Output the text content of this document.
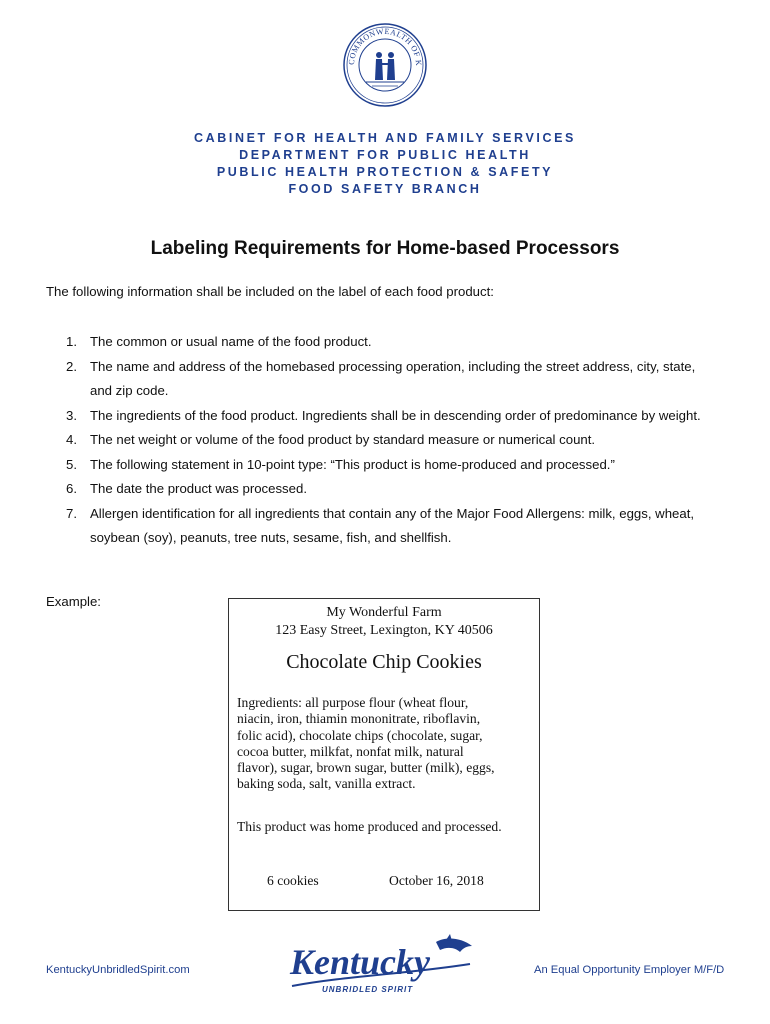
COMMONWEALTH OF K
CABINET FOR HEALTH AND FAMILY SERVICES
DEPARTMENT FOR PUBLIC HEALTH
PUBLIC HEALTH PROTECTION & SAFETY
FOOD SAFETY BRANCH
Labeling Requirements for Home-based Processors
The following information shall be included on the label of each food product:
1. The common or usual name of the food product.
2. The name and address of the homebased processing operation, including the street address, city, state, and zip code.
3. The ingredients of the food product. Ingredients shall be in descending order of predominance by weight.
4. The net weight or volume of the food product by standard measure or numerical count.
5. The following statement in 10-point type: “This product is home-produced and processed.”
6. The date the product was processed.
7. Allergen identification for all ingredients that contain any of the Major Food Allergens: milk, eggs, wheat, soybean (soy), peanuts, tree nuts, sesame, fish, and shellfish.
Example:
My Wonderful Farm
123 Easy Street, Lexington, KY 40506
Chocolate Chip Cookies
Ingredients: all purpose flour (wheat flour,
niacin, iron, thiamin mononitrate, riboflavin,
folic acid), chocolate chips (chocolate, sugar,
cocoa butter, milkfat, nonfat milk, natural
flavor), sugar, brown sugar, butter (milk), eggs,
baking soda, salt, vanilla extract.
This product was home produced and processed.
6 cookies	October 16, 2018
KentuckyUnbridledSpirit.com	Kentucky
UNBRIDLED SPIRIT
An Equal Opportunity Employer M/F/D
